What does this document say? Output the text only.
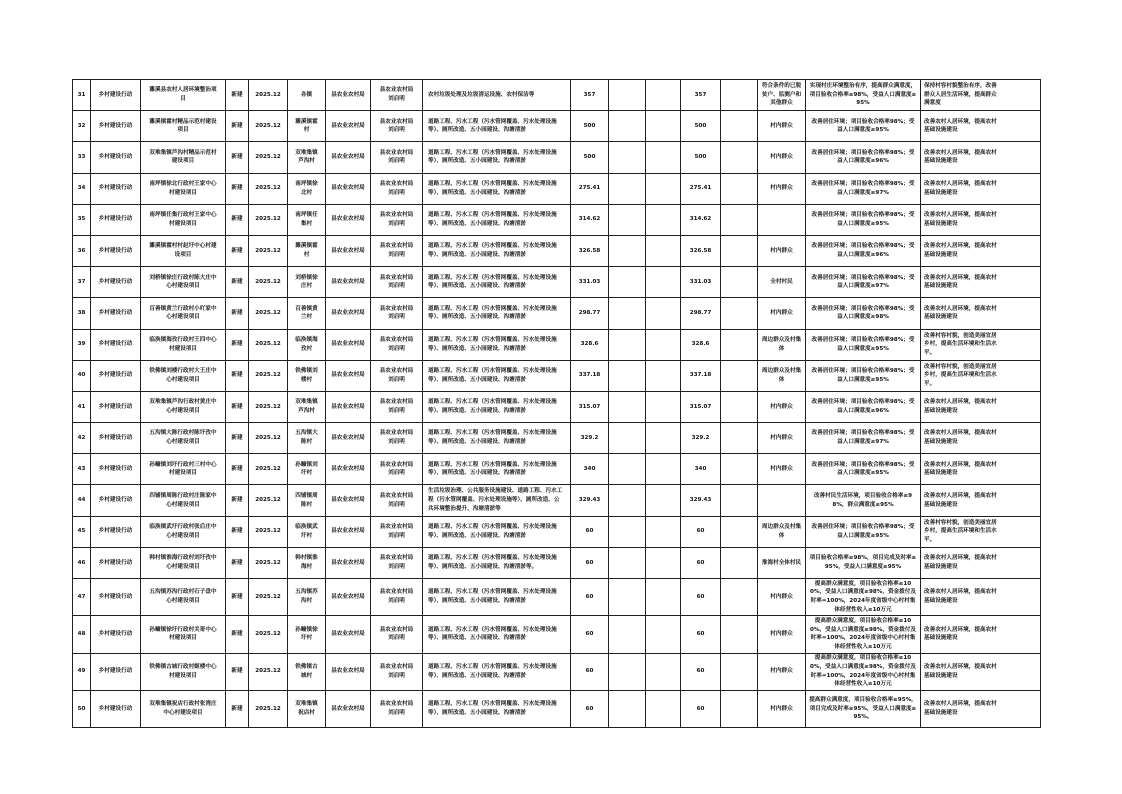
31	乡村建设行动	濉溪县农村人居环境整治项目	新建	2025.12	各镇	县农业农村局	县农业农村局刘启明	农村垃圾处理及垃圾清运设施、农村保洁等	357			357		符合条件的已脱贫户、监测户和其他群众	实现村庄环境整治有序，提高群众满意度，项目验收合格率≥98%，受益人口满意度≥95%	保持村容村貌整治有序，改善群众人居生活环境，提高群众满意度
32	乡村建设行动	濉溪镇霍村精品示范村建设项目	新建	2025.12	濉溪镇霍村	县农业农村局	县农业农村局刘启明	道路工程、污水工程（污水管网覆盖、污水处理设施等）、厕所改造、五小园建设、沟塘清淤	500			500		村内群众	改善居住环境；项目验收合格率98%；受益人口满意度≥95%	改善农村人居环境，提高农村基础设施建设
33	乡村建设行动	双堆集镇芦沟村精品示范村建设项目	新建	2025.12	双堆集镇芦沟村	县农业农村局	县农业农村局刘启明	道路工程、污水工程（污水管网覆盖、污水处理设施等）、厕所改造、五小园建设、沟塘清淤	500			500		村内群众	改善居住环境；项目验收合格率98%；受益人口满意度≥96%	改善农村人居环境，提高农村基础设施建设
34	乡村建设行动	南坪镇徐北行政村王家中心村建设项目	新建	2025.12	南坪镇徐北村	县农业农村局	县农业农村局刘启明	道路工程、污水工程（污水管网覆盖、污水处理设施等）、厕所改造、五小园建设、沟塘清淤	275.41			275.41		村内群众	改善居住环境；项目验收合格率98%；受益人口满意度≥97%	改善农村人居环境，提高农村基础设施建设
35	乡村建设行动	南坪镇任集行政村王家中心村建设项目	新建	2025.12	南坪镇任集村	县农业农村局	县农业农村局刘启明	道路工程、污水工程（污水管网覆盖、污水处理设施等）、厕所改造、五小园建设、沟塘清淤	314.62			314.62			改善居住环境；项目验收合格率98%；受益人口满意度≥95%	改善农村人居环境，提高农村基础设施建设
36	乡村建设行动	濉溪镇霍村村赵圩中心村建设项目	新建	2025.12	濉溪镇霍村	县农业农村局	县农业农村局刘启明	道路工程、污水工程（污水管网覆盖、污水处理设施等）、厕所改造、五小园建设、沟塘清淤	326.58			326.58		村内群众	改善居住环境；项目验收合格率98%；受益人口满意度≥96%	改善农村人居环境，提高农村基础设施建设
37	乡村建设行动	刘桥镇徐庄行政村陈大庄中心村建设项目	新建	2025.12	刘桥镇徐庄村	县农业农村局	县农业农村局刘启明	道路工程、污水工程（污水管网覆盖、污水处理设施等）、厕所改造、五小园建设、沟塘清淤	331.03			331.03		全村村民	改善居住环境；项目验收合格率98%；受益人口满意度≥97%	改善农村人居环境，提高农村基础设施建设
38	乡村建设行动	百善镇黄兰行政村小吖家中心村建设项目	新建	2025.12	百善镇黄兰村	县农业农村局	县农业农村局刘启明	道路工程、污水工程（污水管网覆盖、污水处理设施等）、厕所改造、五小园建设、沟塘清淤	298.77			298.77		村内群众	改善居住环境；项目验收合格率98%；受益人口满意度≥98%	改善农村人居环境，提高农村基础设施建设
39	乡村建设行动	临涣镇海孜行政村王四中心村建设项目	新建	2025.12	临涣镇海孜村	县农业农村局	县农业农村局刘启明	道路工程、污水工程（污水管网覆盖、污水处理设施等）、厕所改造、五小园建设、沟塘清淤	328.6			328.6		周边群众及村集体	改善居住环境；项目验收合格率98%；受益人口满意度≥95%	改善村容村貌，创造美丽宜居乡村，提高生活环境和生活水平。
40	乡村建设行动	铁佛镇刘楼行政村大王庄中心村建设项目	新建	2025.12	铁佛镇刘楼村	县农业农村局	县农业农村局刘启明	道路工程、污水工程（污水管网覆盖、污水处理设施等）、厕所改造、五小园建设、沟塘清淤	337.18			337.18		周边群众及村集体	改善居住环境；项目验收合格率98%；受益人口满意度≥95%	改善村容村貌，创造美丽宜居乡村，提高生活环境和生活水平。
41	乡村建设行动	双堆集镇芦沟行政村黄庄中心村建设项目	新建	2025.12	双堆集镇芦沟村	县农业农村局	县农业农村局刘启明	道路工程、污水工程（污水管网覆盖、污水处理设施等）、厕所改造、五小园建设、沟塘清淤	315.07			315.07		村内群众	改善居住环境；项目验收合格率98%；受益人口满意度≥96%	改善农村人居环境，提高农村基础设施建设
42	乡村建设行动	五沟镇大陈行政村陈圩孜中心村建设项目	新建	2025.12	五沟镇大陈村	县农业农村局	县农业农村局刘启明	道路工程、污水工程（污水管网覆盖、污水处理设施等）、厕所改造、五小园建设、沟塘清淤	329.2			329.2		村内群众	改善居住环境；项目验收合格率98%；受益人口满意度≥97%	改善农村人居环境，提高农村基础设施建设
43	乡村建设行动	孙疃镇刘圩行政村三村中心村建设项目	新建	2025.12	孙疃镇刘圩村	县农业农村局	县农业农村局刘启明	道路工程、污水工程（污水管网覆盖、污水处理设施等）、厕所改造、五小园建设、沟塘清淤	340			340		村内群众	改善居住环境；项目验收合格率98%；受益人口满意度≥95%	改善农村人居环境，提高农村基础设施建设
44	乡村建设行动	四铺镇周陈行政村庄陈家中心村建设项目	新建	2025.12	四铺镇周陈村	县农业农村局	县农业农村局刘启明	生活垃圾治理、公共服务设施建设、道路工程、污水工程（污水管网覆盖、污水处理设施等）、厕所改造、公共环境整治提升、沟塘清淤等	329.43			329.43			改善村民生活环境，项目验收合格率≥98%，群众满意度≥95%	改善农村人居环境，提高农村基础设施建设
45	乡村建设行动	临涣镇武圩行政村张后庄中心村建设项目	新建	2025.12	临涣镇武圩村	县农业农村局	县农业农村局刘启明	道路工程、污水工程（污水管网覆盖、污水处理设施等）、厕所改造、五小园建设、沟塘清淤	60			60		周边群众及村集体	改善居住环境；项目验收合格率98%；受益人口满意度≥95%	改善村容村貌，创造美丽宜居乡村，提高生活环境和生活水平。
46	乡村建设行动	韩村镇淮海行政村刘圩孜中心村建设项目	新建	2025.12	韩村镇淮海村	县农业农村局	县农业农村局刘启明	道路工程、污水工程（污水管网覆盖、污水处理设施等）、厕所改造、五小园建设、沟塘清淤等。	60			60		淮海村全体村民	项目验收合格率≥98%，项目完成及时率≥95%，受益人口满意度≥95%	改善农村人居环境，提高农村基础设施建设
47	乡村建设行动	五沟镇苏沟行政村石子盘中心村建设项目	新建	2025.12	五沟镇苏沟村	县农业农村局	县农业农村局刘启明	道路工程、污水工程（污水管网覆盖、污水处理设施等）、厕所改造、五小园建设、沟塘清淤	60			60		村内群众	提高群众满意度，项目验收合格率≥100%，受益人口满意度≥98%，资金拨付及时率=100%，2024年度省级中心村村集体经营性收入≥10万元	改善农村人居环境，提高农村基础设施建设
48	乡村建设行动	孙疃镇徐圩行政村关哥中心村建设项目	新建	2025.12	孙疃镇徐圩村	县农业农村局	县农业农村局刘启明	道路工程、污水工程（污水管网覆盖、污水处理设施等）、厕所改造、五小园建设、沟塘清淤	60			60		村内群众	提高群众满意度，项目验收合格率≥100%，受益人口满意度≥98%，资金拨付及时率=100%，2024年度省级中心村村集体经营性收入≥10万元	改善农村人居环境，提高农村基础设施建设
49	乡村建设行动	铁佛镇古城行政村姬楼中心村建设项目	新建	2025.12	铁佛镇古城村	县农业农村局	县农业农村局刘启明	道路工程、污水工程（污水管网覆盖、污水处理设施等）、厕所改造、五小园建设、沟塘清淤	60			60		村内群众	提高群众满意度，项目验收合格率≥100%，受益人口满意度≥98%，资金拨付及时率=100%，2024年度省级中心村村集体经营性收入≥10万元	改善农村人居环境，提高农村基础设施建设
50	乡村建设行动	双堆集镇祝店行政村张湾庄中心村建设项目	新建	2025.12	双堆集镇祝店村	县农业农村局	县农业农村局刘启明	道路工程、污水工程（污水管网覆盖、污水处理设施等）、厕所改造、五小园建设、沟塘清淤	60			60		村内群众	提高群众满意度，项目验收合格率≥95%，项目完成及时率≥95%，受益人口满意度≥95%。	改善农村人居环境，提高农村基础设施建设
